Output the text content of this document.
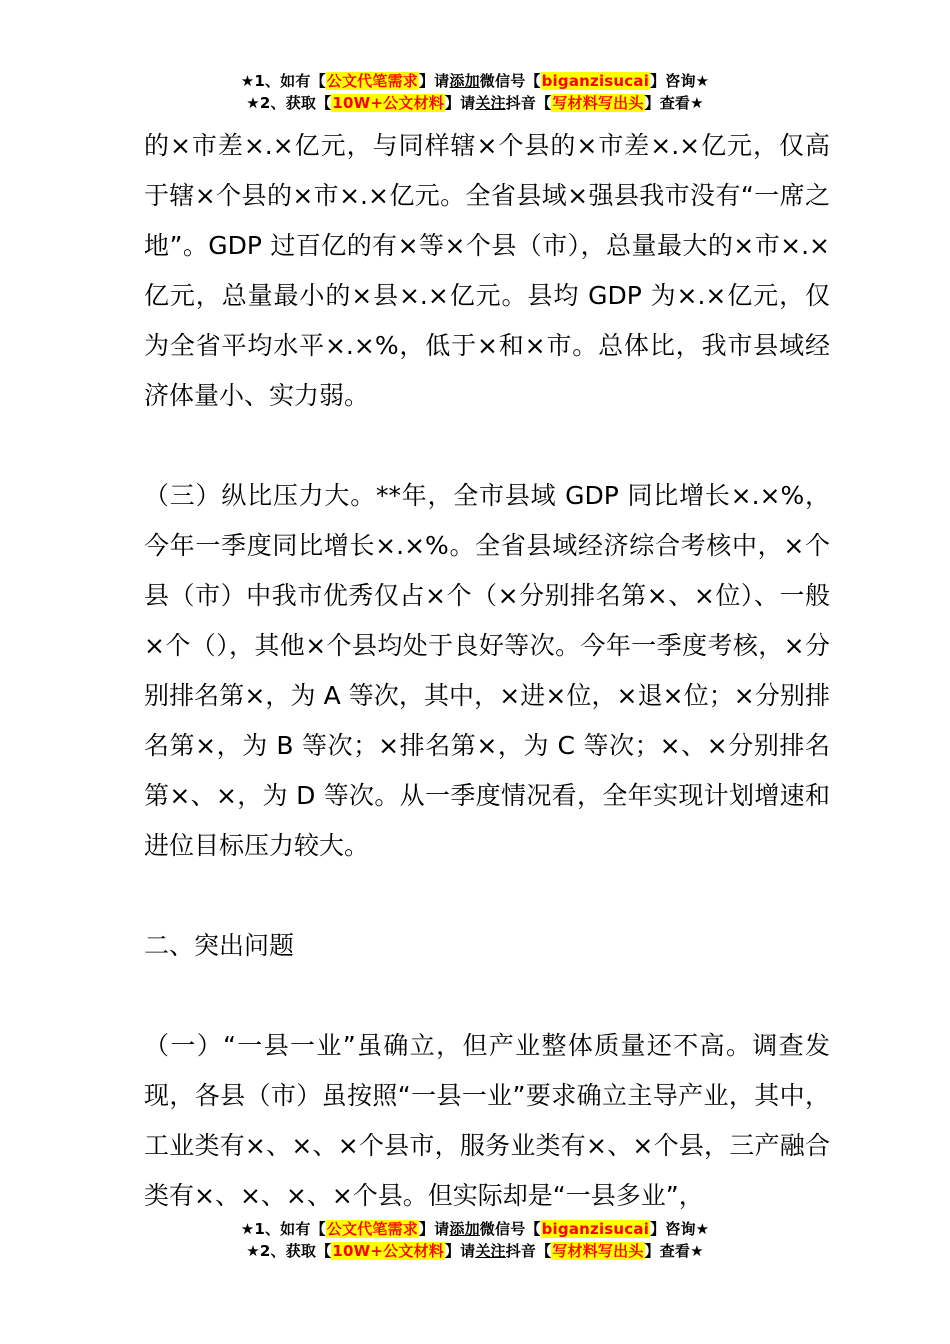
★1、如有【公文代笔需求】请添加微信号【biganzisucai】咨询★
★2、获取【10W+公文材料】请关注抖音【写材料写出头】查看★

的×市差×.×亿元，与同样辖×个县的×市差×.×亿元，仅高于辖×个县的×市×.×亿元。全省县域×强县我市没有“一席之地”。GDP 过百亿的有×等×个县（市），总量最大的×市×.×亿元，总量最小的×县×.×亿元。县均 GDP 为×.×亿元，仅为全省平均水平×.×%，低于×和×市。总体比，我市县域经济体量小、实力弱。

（三）纵比压力大。**年，全市县域 GDP 同比增长×.×%，今年一季度同比增长×.×%。全省县域经济综合考核中，×个县（市）中我市优秀仅占×个（×分别排名第×、×位）、一般×个（），其他×个县均处于良好等次。今年一季度考核，×分别排名第×，为 A 等次，其中，×进×位，×退×位；×分别排名第×，为 B 等次；×排名第×，为 C 等次；×、×分别排名第×、×，为 D 等次。从一季度情况看，全年实现计划增速和进位目标压力较大。

二、突出问题

（一）“一县一业”虽确立，但产业整体质量还不高。调查发现，各县（市）虽按照“一县一业”要求确立主导产业，其中，工业类有×、×、×个县市，服务业类有×、×个县，三产融合类有×、×、×、×个县。但实际却是“一县多业”，

★1、如有【公文代笔需求】请添加微信号【biganzisucai】咨询★
★2、获取【10W+公文材料】请关注抖音【写材料写出头】查看★
